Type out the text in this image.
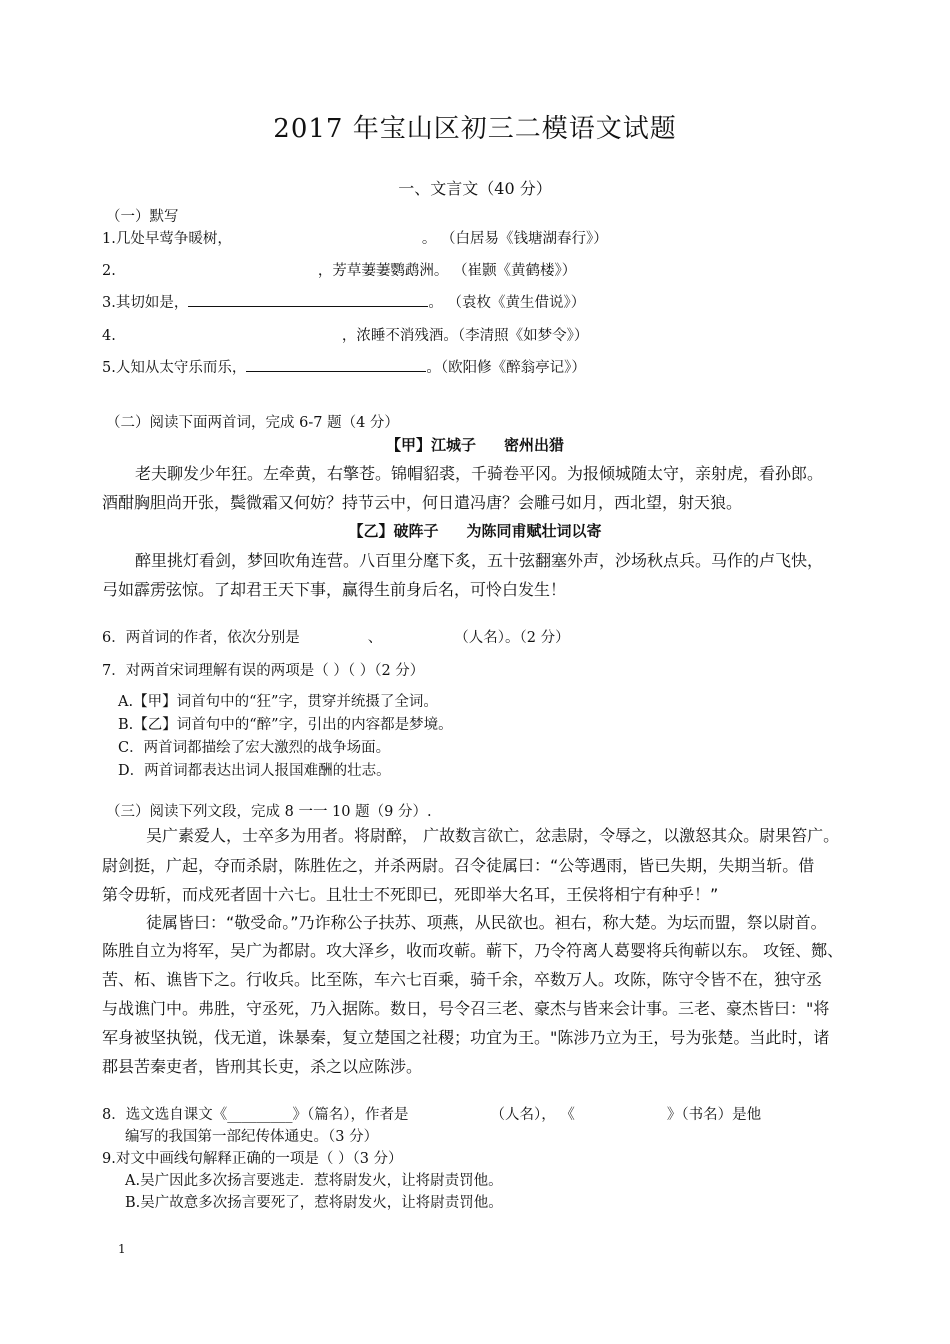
2017 年宝山区初三二模语文试题
一、文言文（40 分）
（一）默写
1.几处早莺争暖树，	。 （白居易《钱塘湖春行》）
2.	，芳草萋萋鹦鹉洲。 （崔颢《黄鹤楼》）
3.其切如是，	。 （袁枚《黄生借说》）
4.	，浓睡不消残酒。（李清照《如梦令》）
5.人知从太守乐而乐，	。（欧阳修《醉翁亭记》）
（二）阅读下面两首词，完成 6-7 题（4 分）
【甲】江城子 密州出猎
老夫聊发少年狂。左牵黄，右擎苍。锦帽貂裘，千骑卷平冈。为报倾城随太守，亲射虎，看孙郎。
酒酣胸胆尚开张，鬓微霜又何妨？持节云中，何日遣冯唐？会雕弓如月，西北望，射天狼。
【乙】破阵子 为陈同甫赋壮词以寄
醉里挑灯看剑，梦回吹角连营。八百里分麾下炙，五十弦翻塞外声，沙场秋点兵。马作的卢飞快，
弓如霹雳弦惊。了却君王天下事，赢得生前身后名，可怜白发生！
6．两首词的作者，依次分别是	、	（人名）。（2 分）
7．对两首宋词理解有误的两项是（ ）（ ）（2 分）
A.【甲】词首句中的“狂”字，贯穿并统摄了全词。
B.【乙】词首句中的“醉”字，引出的内容都是梦境。
C．两首词都描绘了宏大激烈的战争场面。
D．两首词都表达出词人报国难酬的壮志。
（三）阅读下列文段，完成 8 一一 10 题（9 分）.
吴广素爱人，士卒多为用者。将尉醉， 广故数言欲亡，忿恚尉，令辱之，以激怒其众。尉果笞广。
尉剑挺，广起，夺而杀尉，陈胜佐之，并杀两尉。召令徒属曰：“公等遇雨，皆已失期，失期当斩。借
第令毋斩，而戍死者固十六七。且壮士不死即已，死即举大名耳，王侯将相宁有种乎！”
徒属皆曰：“敬受命。”乃诈称公子扶苏、项燕，从民欲也。袒右，称大楚。为坛而盟，祭以尉首。
陈胜自立为将军，吴广为都尉。攻大泽乡，收而攻蕲。蕲下，乃令符离人葛婴将兵徇蕲以东。 攻铚、酂、
苦、柘、谯皆下之。行收兵。比至陈，车六七百乘，骑千余，卒数万人。攻陈，陈守令皆不在，独守丞
与战谯门中。弗胜，守丞死，乃入据陈。数日，号令召三老、豪杰与皆来会计事。三老、豪杰皆曰："将
军身被坚执锐，伐无道，诛暴秦，复立楚国之社稷；功宜为王。"陈涉乃立为王，号为张楚。当此时，诸
郡县苦秦吏者，皆刑其长吏，杀之以应陈涉。
8．选文选自课文《_________》（篇名），作者是	（人名）， 《	》（书名）是他
编写的我国第一部纪传体通史。（3 分）
9.对文中画线句解释正确的一项是（ ）（3 分）
A.吴广因此多次扬言要逃走．惹将尉发火，让将尉责罚他。
B.吴广故意多次扬言要死了，惹将尉发火，让将尉责罚他。
1
